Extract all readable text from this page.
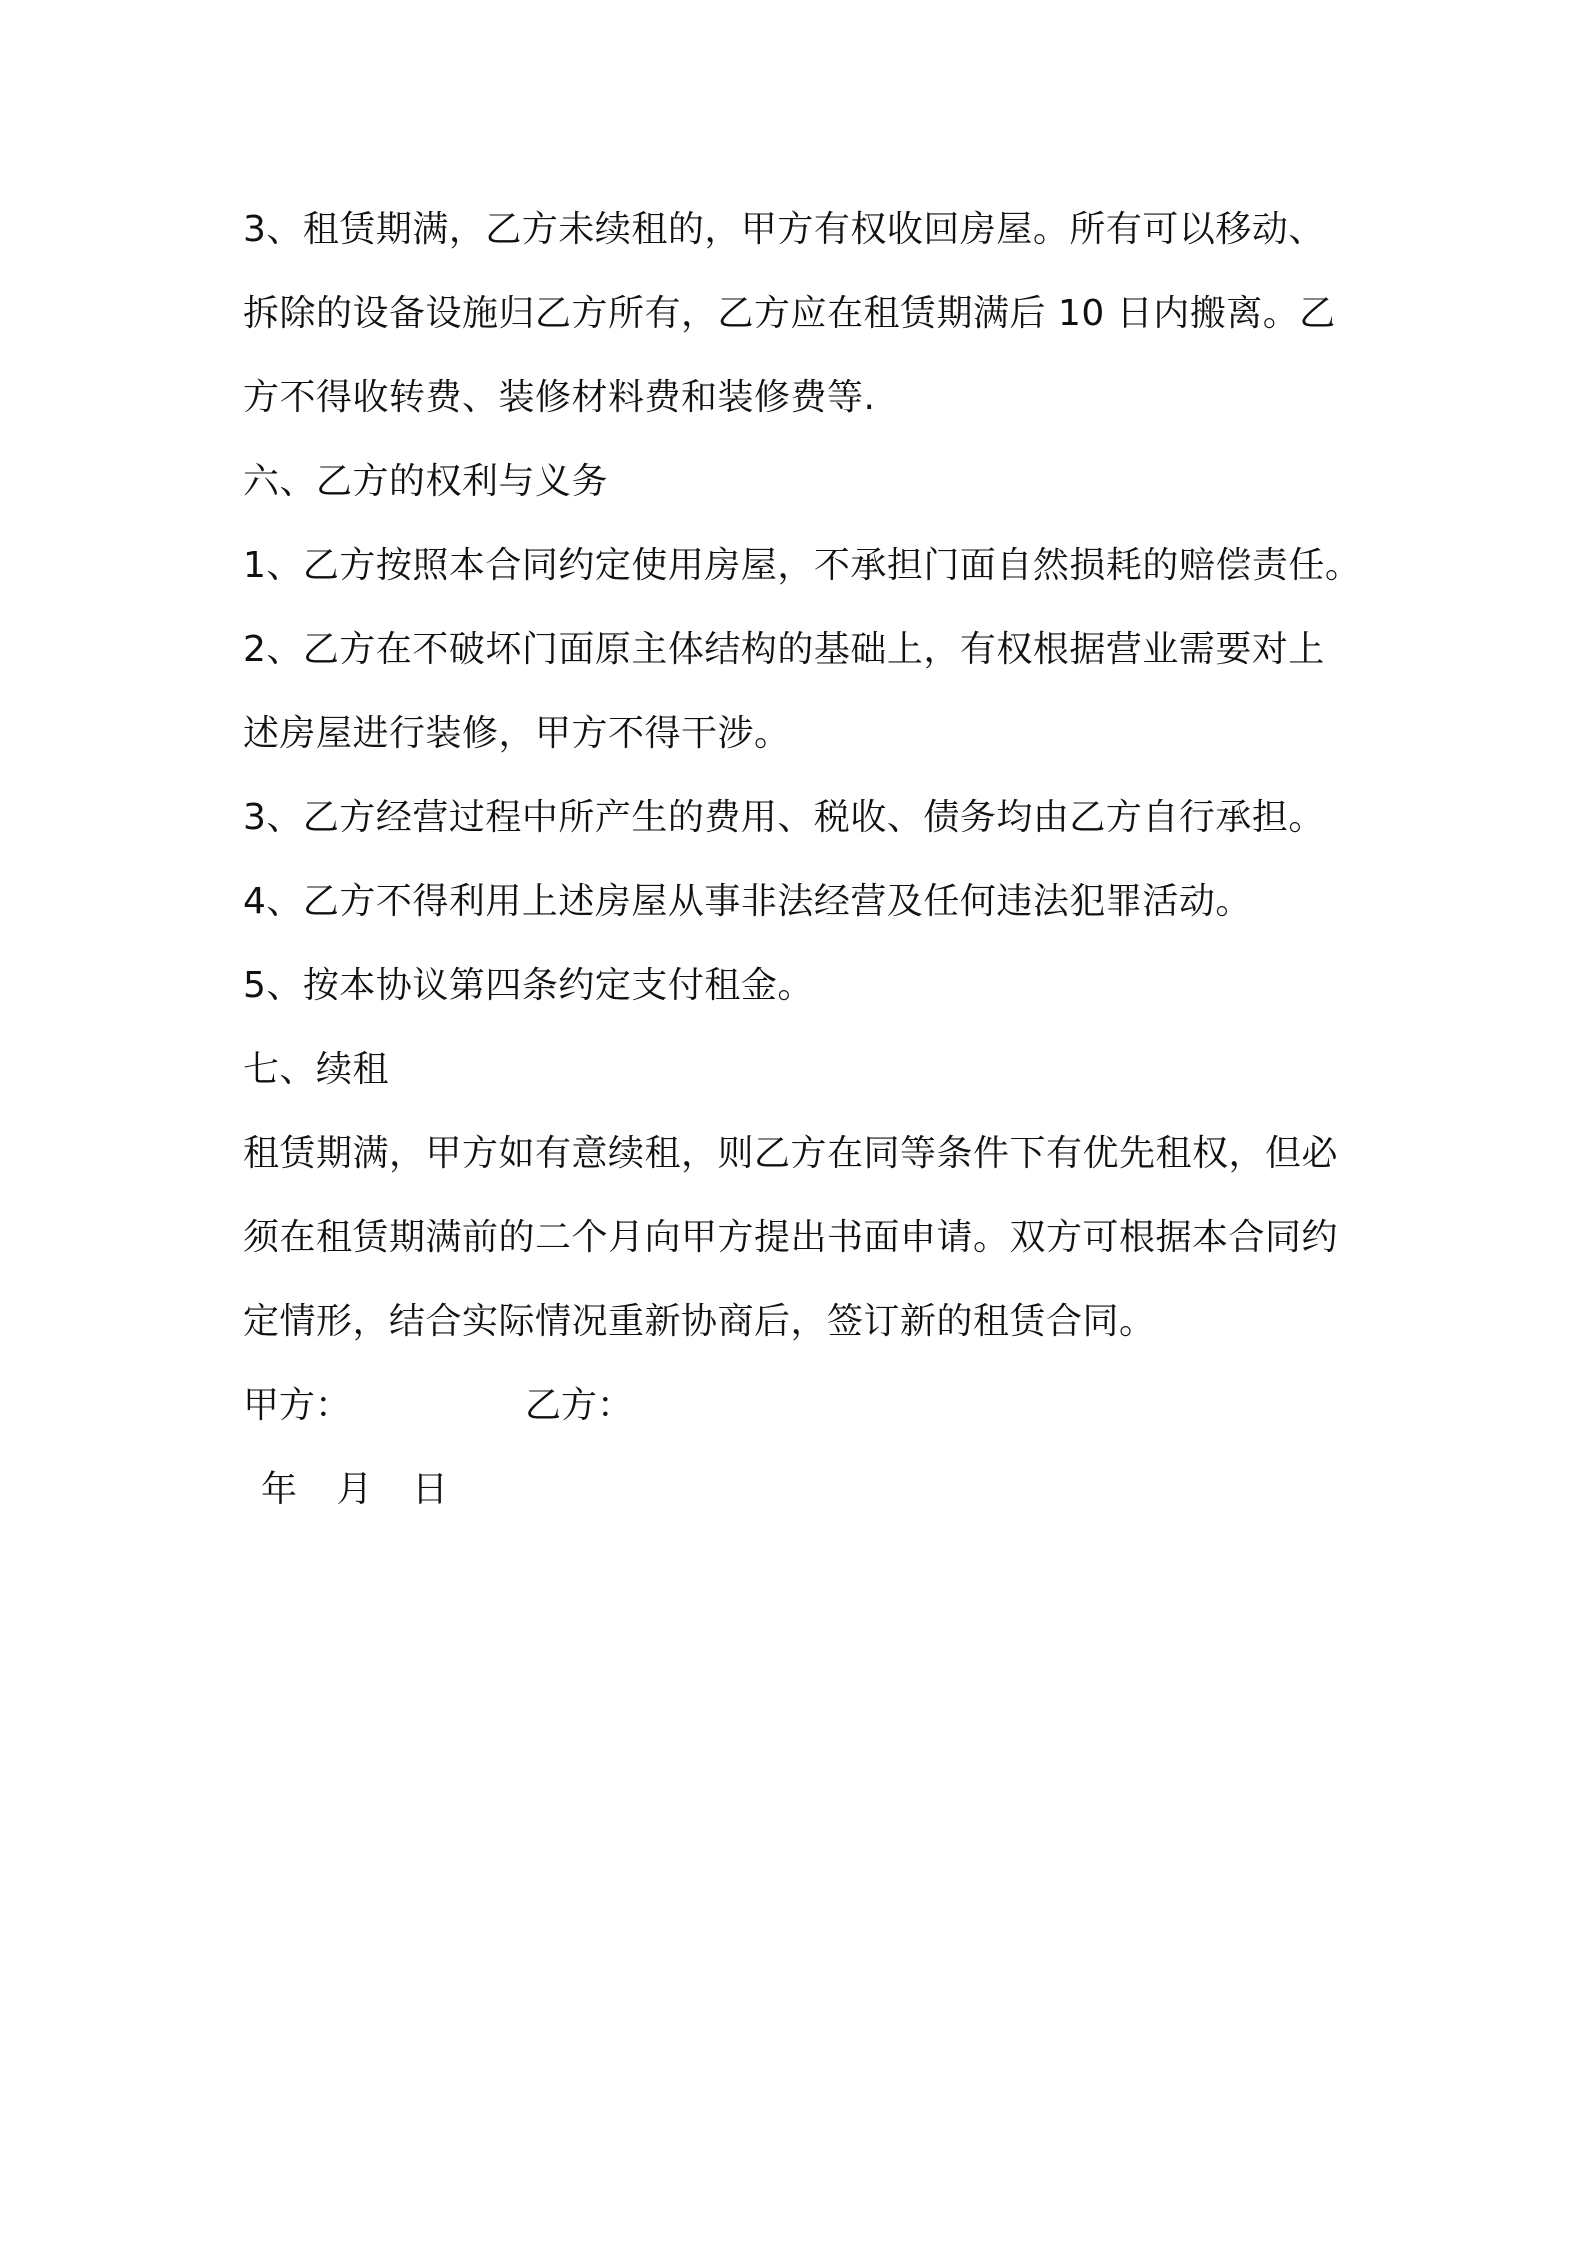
3、租赁期满，乙方未续租的，甲方有权收回房屋。所有可以移动、
拆除的设备设施归乙方所有，乙方应在租赁期满后 10 日内搬离。乙
方不得收转费、装修材料费和装修费等.
六、乙方的权利与义务
1、乙方按照本合同约定使用房屋，不承担门面自然损耗的赔偿责任。
2、乙方在不破坏门面原主体结构的基础上，有权根据营业需要对上
述房屋进行装修，甲方不得干涉。
3、乙方经营过程中所产生的费用、税收、债务均由乙方自行承担。
4、乙方不得利用上述房屋从事非法经营及任何违法犯罪活动。
5、按本协议第四条约定支付租金。
七、续租
租赁期满，甲方如有意续租，则乙方在同等条件下有优先租权，但必
须在租赁期满前的二个月向甲方提出书面申请。双方可根据本合同约
定情形，结合实际情况重新协商后，签订新的租赁合同。
甲方：	乙方：
年 月 日
